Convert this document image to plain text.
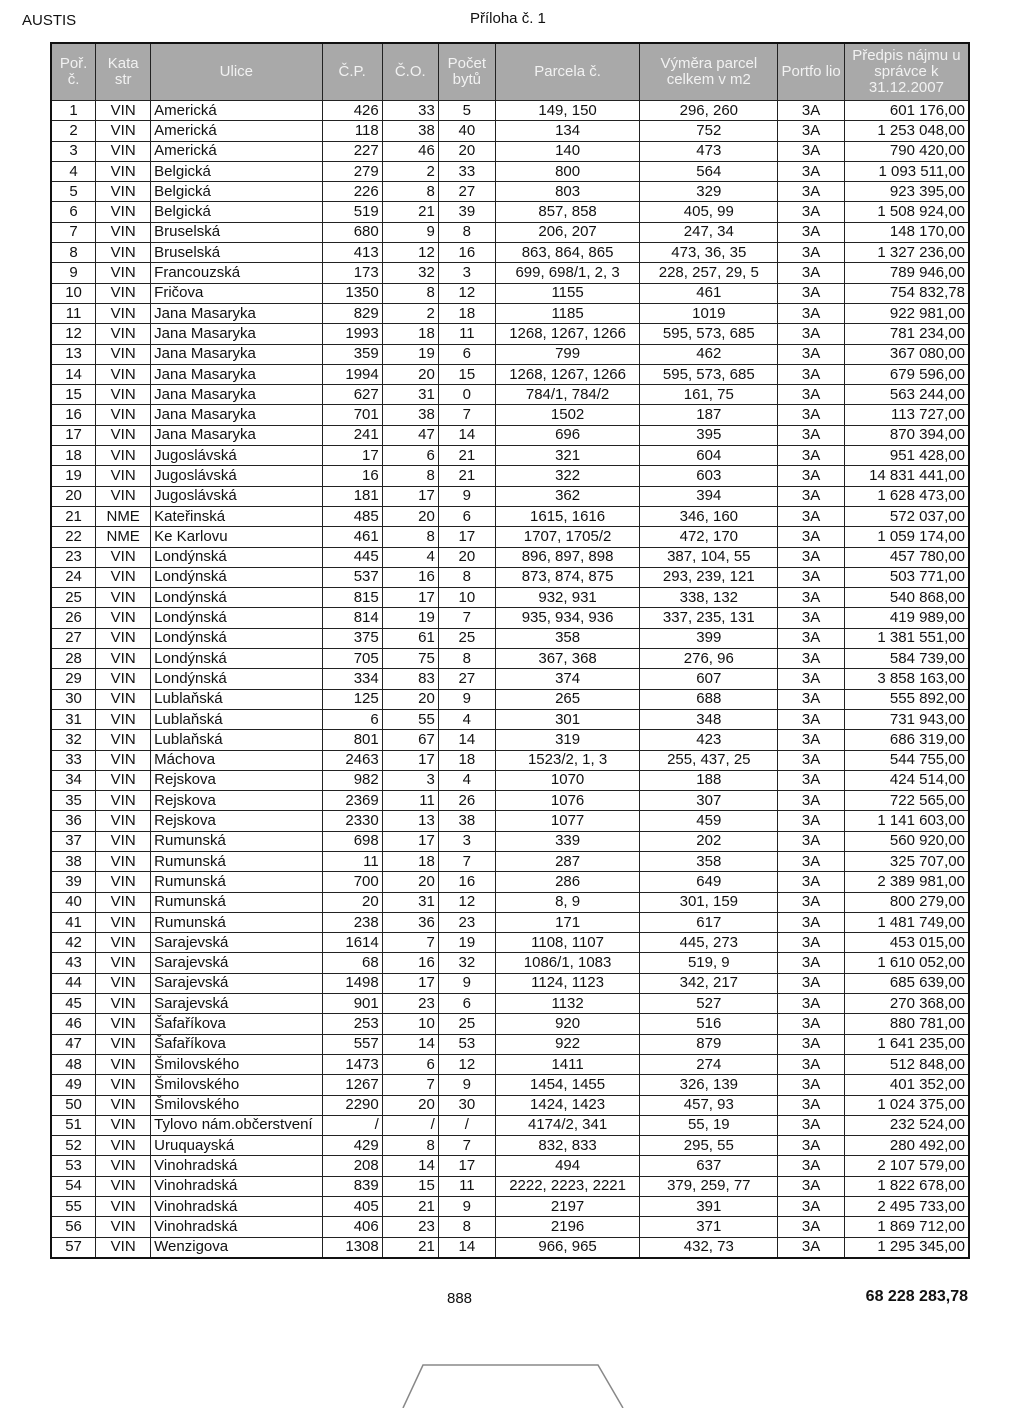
AUSTIS	Příloha č. 1
Poř. č.	Kata str	Ulice	Č.P.	Č.O.	Počet bytů	Parcela č.	Výměra parcel celkem v m2	Portfo lio	Předpis nájmu u správce k 31.12.2007
1	VIN	Americká	426	33	5	149, 150	296, 260	3A	601 176,00
2	VIN	Americká	118	38	40	134	752	3A	1 253 048,00
3	VIN	Americká	227	46	20	140	473	3A	790 420,00
4	VIN	Belgická	279	2	33	800	564	3A	1 093 511,00
5	VIN	Belgická	226	8	27	803	329	3A	923 395,00
6	VIN	Belgická	519	21	39	857, 858	405, 99	3A	1 508 924,00
7	VIN	Bruselská	680	9	8	206, 207	247, 34	3A	148 170,00
8	VIN	Bruselská	413	12	16	863, 864, 865	473, 36, 35	3A	1 327 236,00
9	VIN	Francouzská	173	32	3	699, 698/1, 2, 3	228, 257, 29, 5	3A	789 946,00
10	VIN	Fričova	1350	8	12	1155	461	3A	754 832,78
11	VIN	Jana Masaryka	829	2	18	1185	1019	3A	922 981,00
12	VIN	Jana Masaryka	1993	18	11	1268, 1267, 1266	595, 573, 685	3A	781 234,00
13	VIN	Jana Masaryka	359	19	6	799	462	3A	367 080,00
14	VIN	Jana Masaryka	1994	20	15	1268, 1267, 1266	595, 573, 685	3A	679 596,00
15	VIN	Jana Masaryka	627	31	0	784/1, 784/2	161, 75	3A	563 244,00
16	VIN	Jana Masaryka	701	38	7	1502	187	3A	113 727,00
17	VIN	Jana Masaryka	241	47	14	696	395	3A	870 394,00
18	VIN	Jugoslávská	17	6	21	321	604	3A	951 428,00
19	VIN	Jugoslávská	16	8	21	322	603	3A	14 831 441,00
20	VIN	Jugoslávská	181	17	9	362	394	3A	1 628 473,00
21	NME	Kateřinská	485	20	6	1615, 1616	346, 160	3A	572 037,00
22	NME	Ke Karlovu	461	8	17	1707, 1705/2	472, 170	3A	1 059 174,00
23	VIN	Londýnská	445	4	20	896, 897, 898	387, 104, 55	3A	457 780,00
24	VIN	Londýnská	537	16	8	873, 874, 875	293, 239, 121	3A	503 771,00
25	VIN	Londýnská	815	17	10	932, 931	338, 132	3A	540 868,00
26	VIN	Londýnská	814	19	7	935, 934, 936	337, 235, 131	3A	419 989,00
27	VIN	Londýnská	375	61	25	358	399	3A	1 381 551,00
28	VIN	Londýnská	705	75	8	367, 368	276, 96	3A	584 739,00
29	VIN	Londýnská	334	83	27	374	607	3A	3 858 163,00
30	VIN	Lublaňská	125	20	9	265	688	3A	555 892,00
31	VIN	Lublaňská	6	55	4	301	348	3A	731 943,00
32	VIN	Lublaňská	801	67	14	319	423	3A	686 319,00
33	VIN	Máchova	2463	17	18	1523/2, 1, 3	255, 437, 25	3A	544 755,00
34	VIN	Rejskova	982	3	4	1070	188	3A	424 514,00
35	VIN	Rejskova	2369	11	26	1076	307	3A	722 565,00
36	VIN	Rejskova	2330	13	38	1077	459	3A	1 141 603,00
37	VIN	Rumunská	698	17	3	339	202	3A	560 920,00
38	VIN	Rumunská	11	18	7	287	358	3A	325 707,00
39	VIN	Rumunská	700	20	16	286	649	3A	2 389 981,00
40	VIN	Rumunská	20	31	12	8, 9	301, 159	3A	800 279,00
41	VIN	Rumunská	238	36	23	171	617	3A	1 481 749,00
42	VIN	Sarajevská	1614	7	19	1108, 1107	445, 273	3A	453 015,00
43	VIN	Sarajevská	68	16	32	1086/1, 1083	519, 9	3A	1 610 052,00
44	VIN	Sarajevská	1498	17	9	1124, 1123	342, 217	3A	685 639,00
45	VIN	Sarajevská	901	23	6	1132	527	3A	270 368,00
46	VIN	Šafaříkova	253	10	25	920	516	3A	880 781,00
47	VIN	Šafaříkova	557	14	53	922	879	3A	1 641 235,00
48	VIN	Šmilovského	1473	6	12	1411	274	3A	512 848,00
49	VIN	Šmilovského	1267	7	9	1454, 1455	326, 139	3A	401 352,00
50	VIN	Šmilovského	2290	20	30	1424, 1423	457, 93	3A	1 024 375,00
51	VIN	Tylovo nám.občerstvení	/	/	/	4174/2, 341	55, 19	3A	232 524,00
52	VIN	Uruquayská	429	8	7	832, 833	295, 55	3A	280 492,00
53	VIN	Vinohradská	208	14	17	494	637	3A	2 107 579,00
54	VIN	Vinohradská	839	15	11	2222, 2223, 2221	379, 259, 77	3A	1 822 678,00
55	VIN	Vinohradská	405	21	9	2197	391	3A	2 495 733,00
56	VIN	Vinohradská	406	23	8	2196	371	3A	1 869 712,00
57	VIN	Wenzigova	1308	21	14	966, 965	432, 73	3A	1 295 345,00
888	68 228 283,78
